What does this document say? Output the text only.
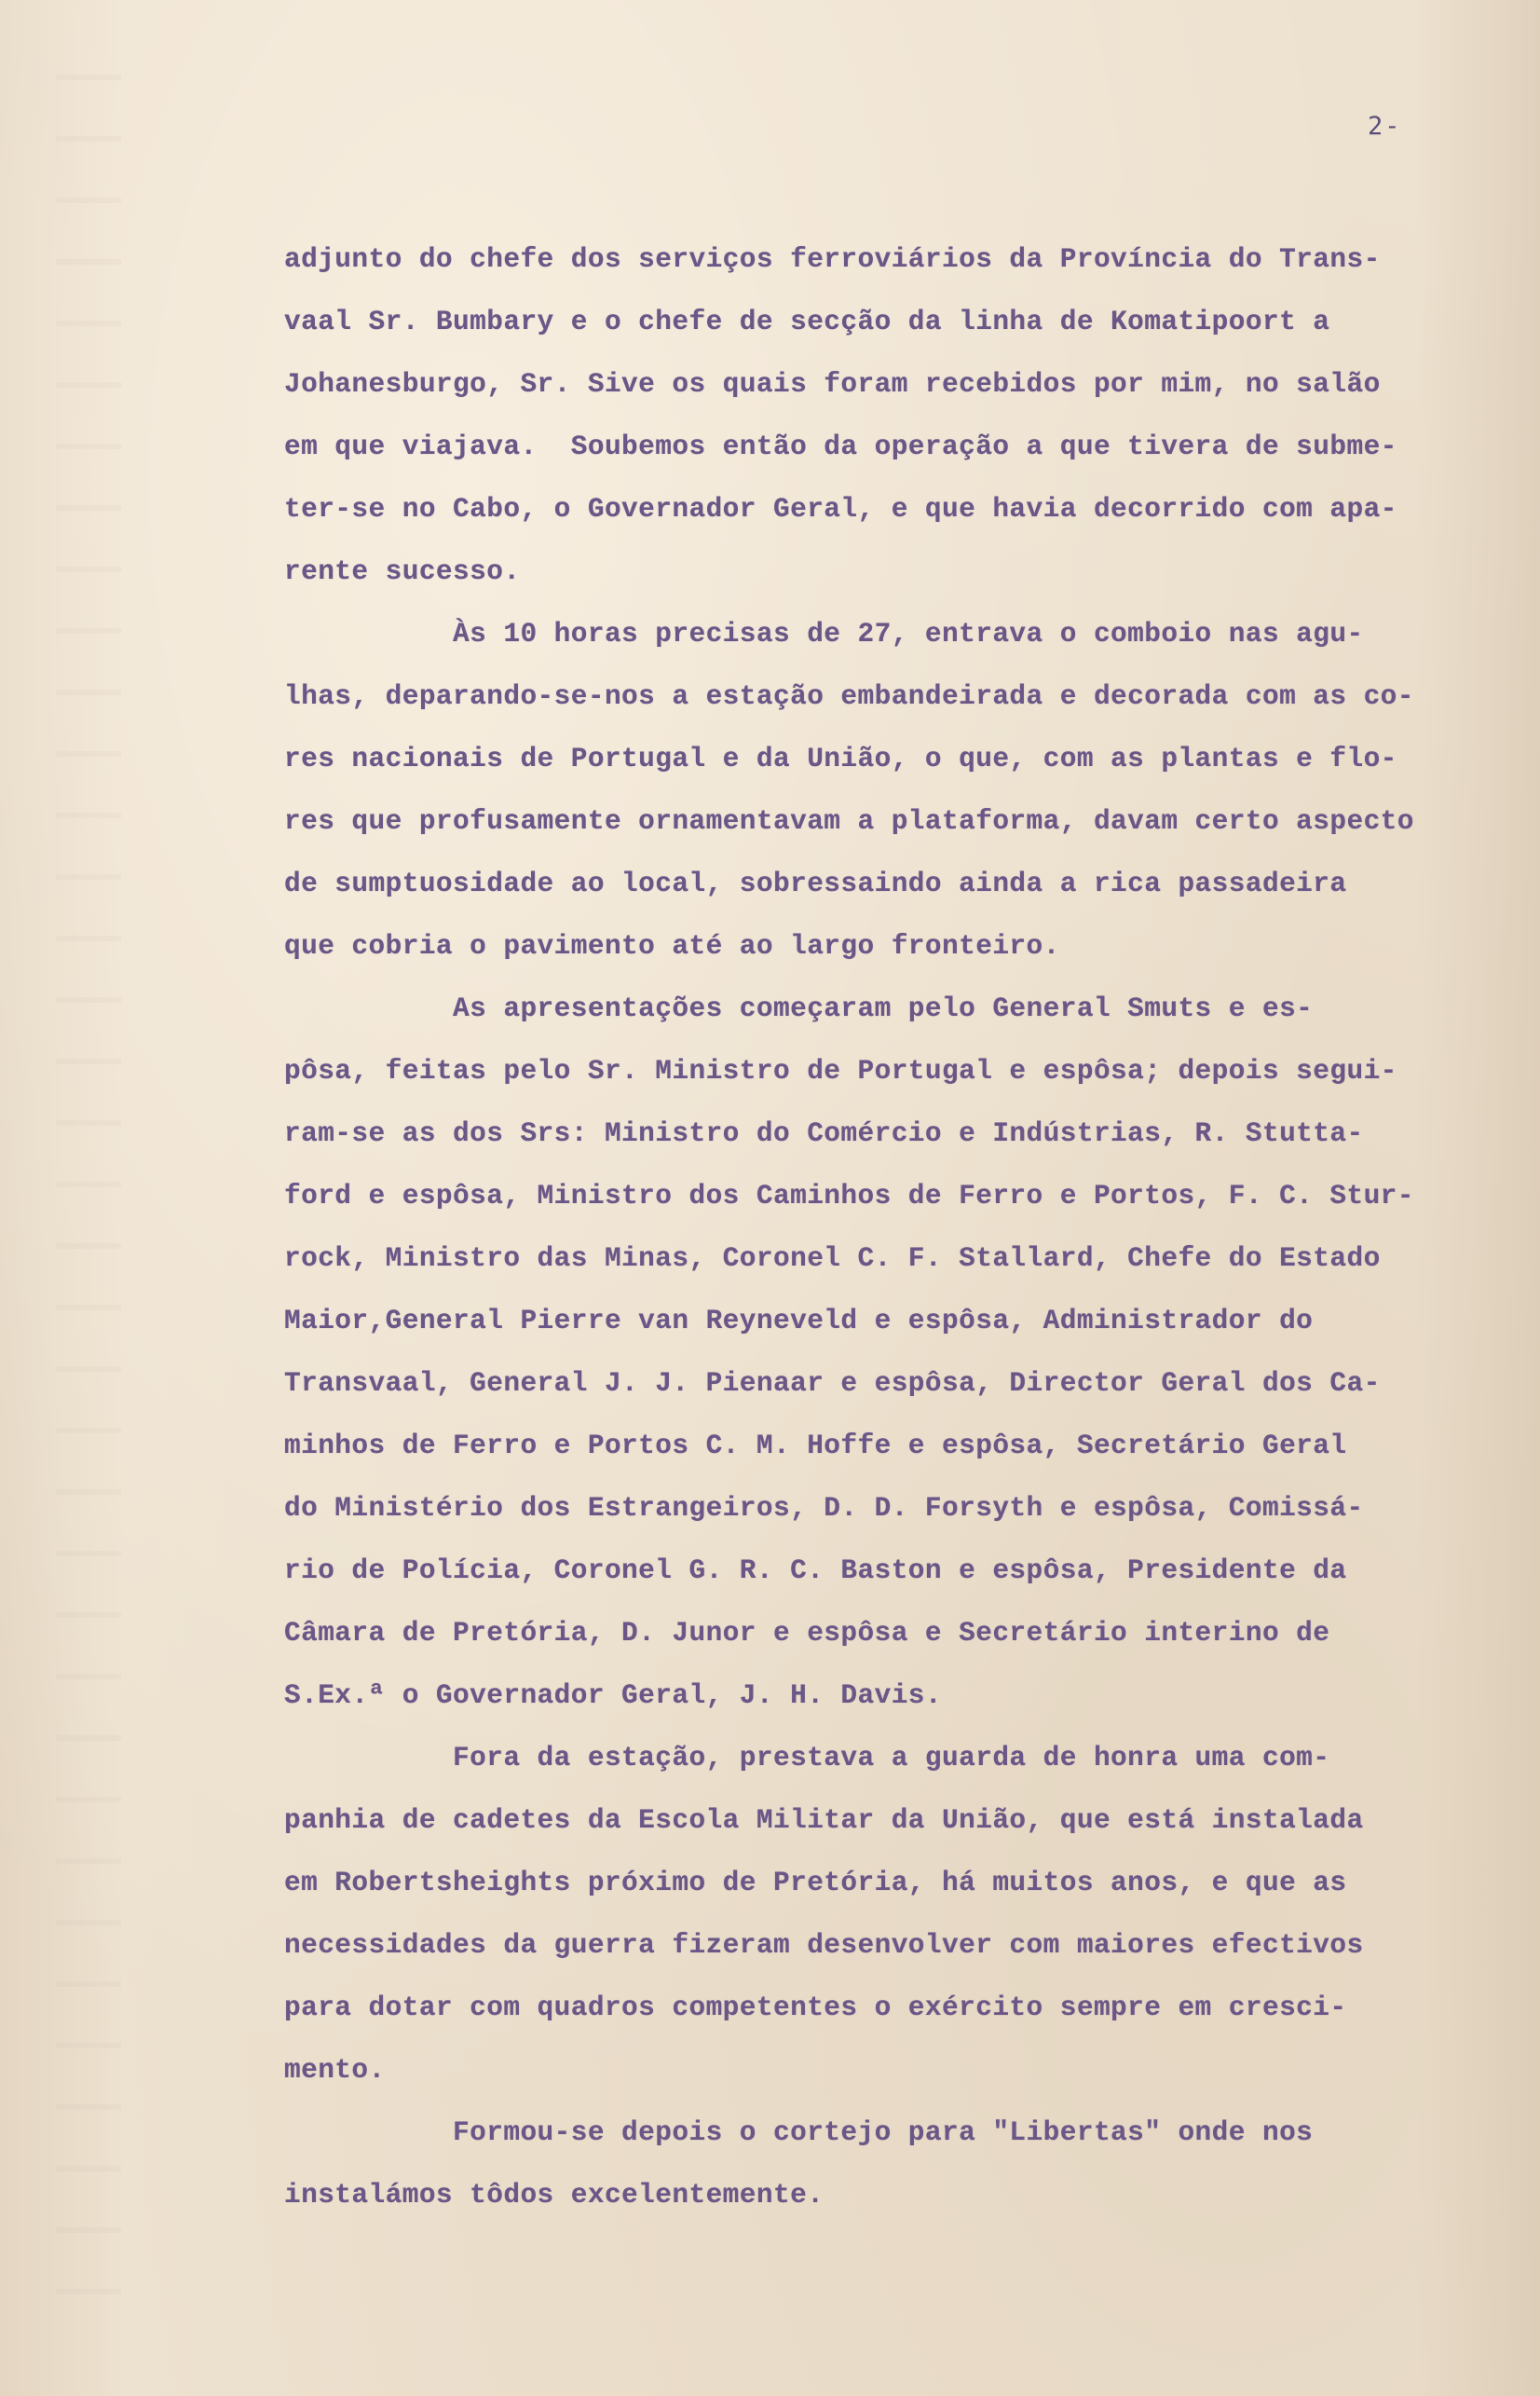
2-
adjunto do chefe dos serviços ferroviários da Província do Trans-
vaal Sr. Bumbary e o chefe de secção da linha de Komatipoort a
Johanesburgo, Sr. Sive os quais foram recebidos por mim, no salão
em que viajava.  Soubemos então da operação a que tivera de subme-
ter-se no Cabo, o Governador Geral, e que havia decorrido com apa-
rente sucesso.
Às 10 horas precisas de 27, entrava o comboio nas agu-
lhas, deparando-se-nos a estação embandeirada e decorada com as co-
res nacionais de Portugal e da União, o que, com as plantas e flo-
res que profusamente ornamentavam a plataforma, davam certo aspecto
de sumptuosidade ao local, sobressaindo ainda a rica passadeira
que cobria o pavimento até ao largo fronteiro.
As apresentações começaram pelo General Smuts e es-
pôsa, feitas pelo Sr. Ministro de Portugal e espôsa; depois segui-
ram-se as dos Srs: Ministro do Comércio e Indústrias, R. Stutta-
ford e espôsa, Ministro dos Caminhos de Ferro e Portos, F. C. Stur-
rock, Ministro das Minas, Coronel C. F. Stallard, Chefe do Estado
Maior,General Pierre van Reyneveld e espôsa, Administrador do
Transvaal, General J. J. Pienaar e espôsa, Director Geral dos Ca-
minhos de Ferro e Portos C. M. Hoffe e espôsa, Secretário Geral
do Ministério dos Estrangeiros, D. D. Forsyth e espôsa, Comissá-
rio de Polícia, Coronel G. R. C. Baston e espôsa, Presidente da
Câmara de Pretória, D. Junor e espôsa e Secretário interino de
S.Ex.ª o Governador Geral, J. H. Davis.
Fora da estação, prestava a guarda de honra uma com-
panhia de cadetes da Escola Militar da União, que está instalada
em Robertsheights próximo de Pretória, há muitos anos, e que as
necessidades da guerra fizeram desenvolver com maiores efectivos
para dotar com quadros competentes o exército sempre em cresci-
mento.
Formou-se depois o cortejo para "Libertas" onde nos
instalámos tôdos excelentemente.
